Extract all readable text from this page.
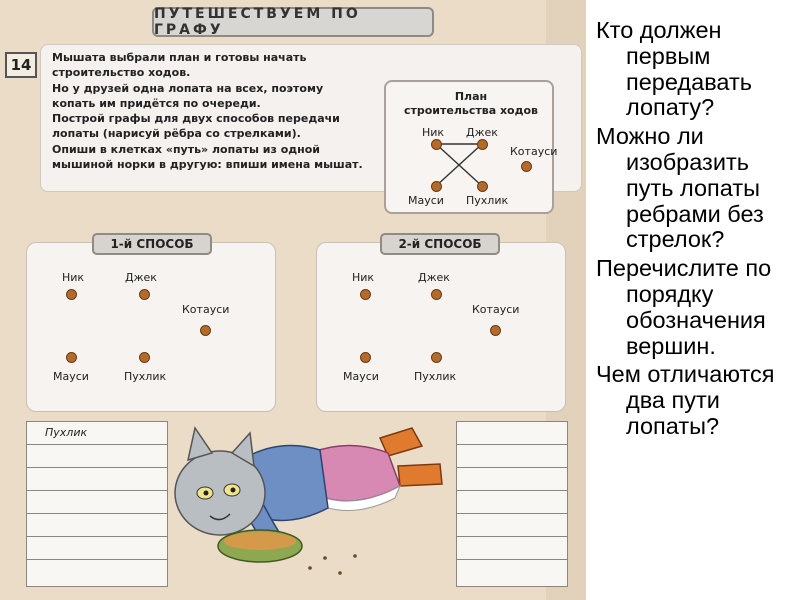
ПУТЕШЕСТВУЕМ ПО ГРАФУ
14	Мышата выбрали план и готовы начать строительство ходов.
Но у друзей одна лопата на всех, поэтому
копать им придётся по очереди.
Построй графы для двух способов передачи
лопаты (нарисуй рёбра со стрелками).
Опиши в клетках «путь» лопаты из одной
мышиной норки в другую: впиши имена мышат.
План
строительства ходов
Ник Джек
Котауси
Мауси Пухлик
1-й СПОСОБ
Ник	Джек
Котауси
Мауси	Пухлик
2-й СПОСОБ
Ник	Джек
Котауси
Мауси	Пухлик
Пухлик
Кто должен первым передавать лопату?
Можно ли изобразить путь лопаты ребрами без стрелок?
Перечислите по порядку обозначения вершин.
Чем отличаются два пути лопаты?
